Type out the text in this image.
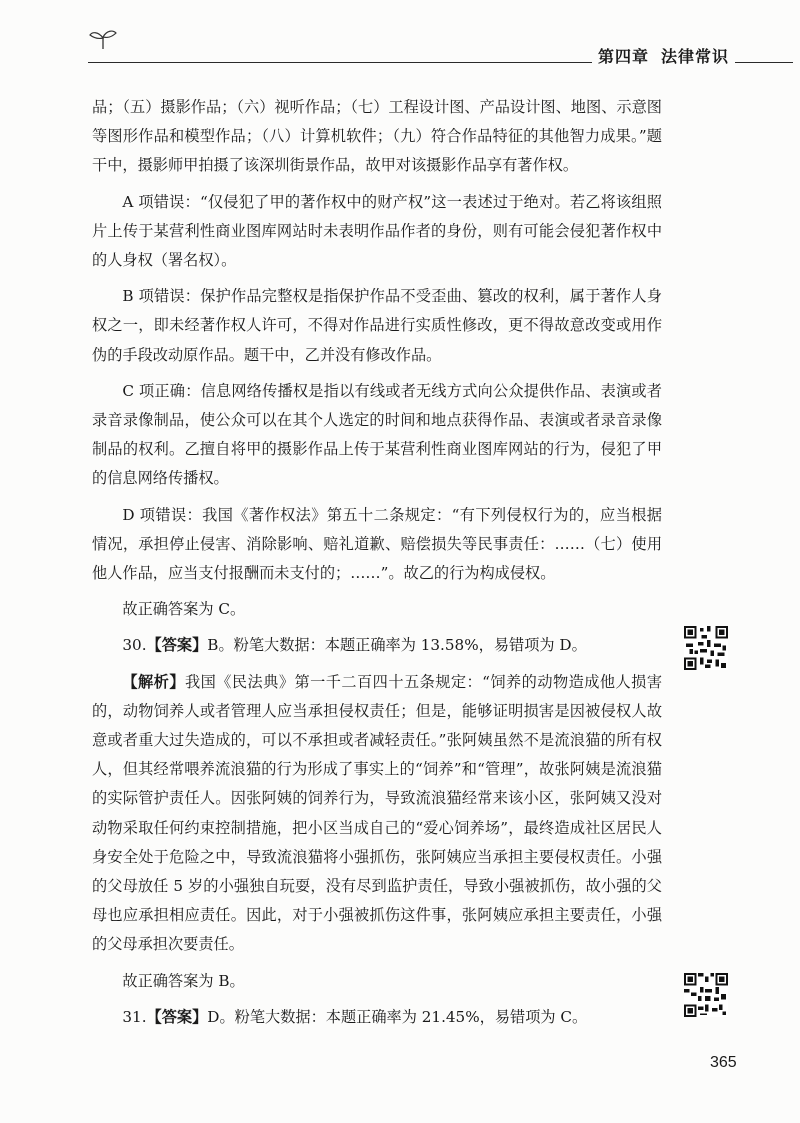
第四章 法律常识

品；（五）摄影作品；（六）视听作品；（七）工程设计图、产品设计图、地图、示意图等图形作品和模型作品；（八）计算机软件；（九）符合作品特征的其他智力成果。”题干中，摄影师甲拍摄了该深圳街景作品，故甲对该摄影作品享有著作权。

A 项错误：“仅侵犯了甲的著作权中的财产权”这一表述过于绝对。若乙将该组照片上传于某营利性商业图库网站时未表明作品作者的身份，则有可能会侵犯著作权中的人身权（署名权）。

B 项错误：保护作品完整权是指保护作品不受歪曲、篡改的权利，属于著作人身权之一，即未经著作权人许可，不得对作品进行实质性修改，更不得故意改变或用作伪的手段改动原作品。题干中，乙并没有修改作品。

C 项正确：信息网络传播权是指以有线或者无线方式向公众提供作品、表演或者录音录像制品，使公众可以在其个人选定的时间和地点获得作品、表演或者录音录像制品的权利。乙擅自将甲的摄影作品上传于某营利性商业图库网站的行为，侵犯了甲的信息网络传播权。

D 项错误：我国《著作权法》第五十二条规定：“有下列侵权行为的，应当根据情况，承担停止侵害、消除影响、赔礼道歉、赔偿损失等民事责任：……（七）使用他人作品，应当支付报酬而未支付的；……”。故乙的行为构成侵权。

故正确答案为 C。

30.【答案】B。粉笔大数据：本题正确率为 13.58%，易错项为 D。

【解析】我国《民法典》第一千二百四十五条规定：“饲养的动物造成他人损害的，动物饲养人或者管理人应当承担侵权责任；但是，能够证明损害是因被侵权人故意或者重大过失造成的，可以不承担或者减轻责任。”张阿姨虽然不是流浪猫的所有权人，但其经常喂养流浪猫的行为形成了事实上的“饲养”和“管理”，故张阿姨是流浪猫的实际管护责任人。因张阿姨的饲养行为，导致流浪猫经常来该小区，张阿姨又没对动物采取任何约束控制措施，把小区当成自己的“爱心饲养场”，最终造成社区居民人身安全处于危险之中，导致流浪猫将小强抓伤，张阿姨应当承担主要侵权责任。小强的父母放任 5 岁的小强独自玩耍，没有尽到监护责任，导致小强被抓伤，故小强的父母也应承担相应责任。因此，对于小强被抓伤这件事，张阿姨应承担主要责任，小强的父母承担次要责任。

故正确答案为 B。

31.【答案】D。粉笔大数据：本题正确率为 21.45%，易错项为 C。

365
